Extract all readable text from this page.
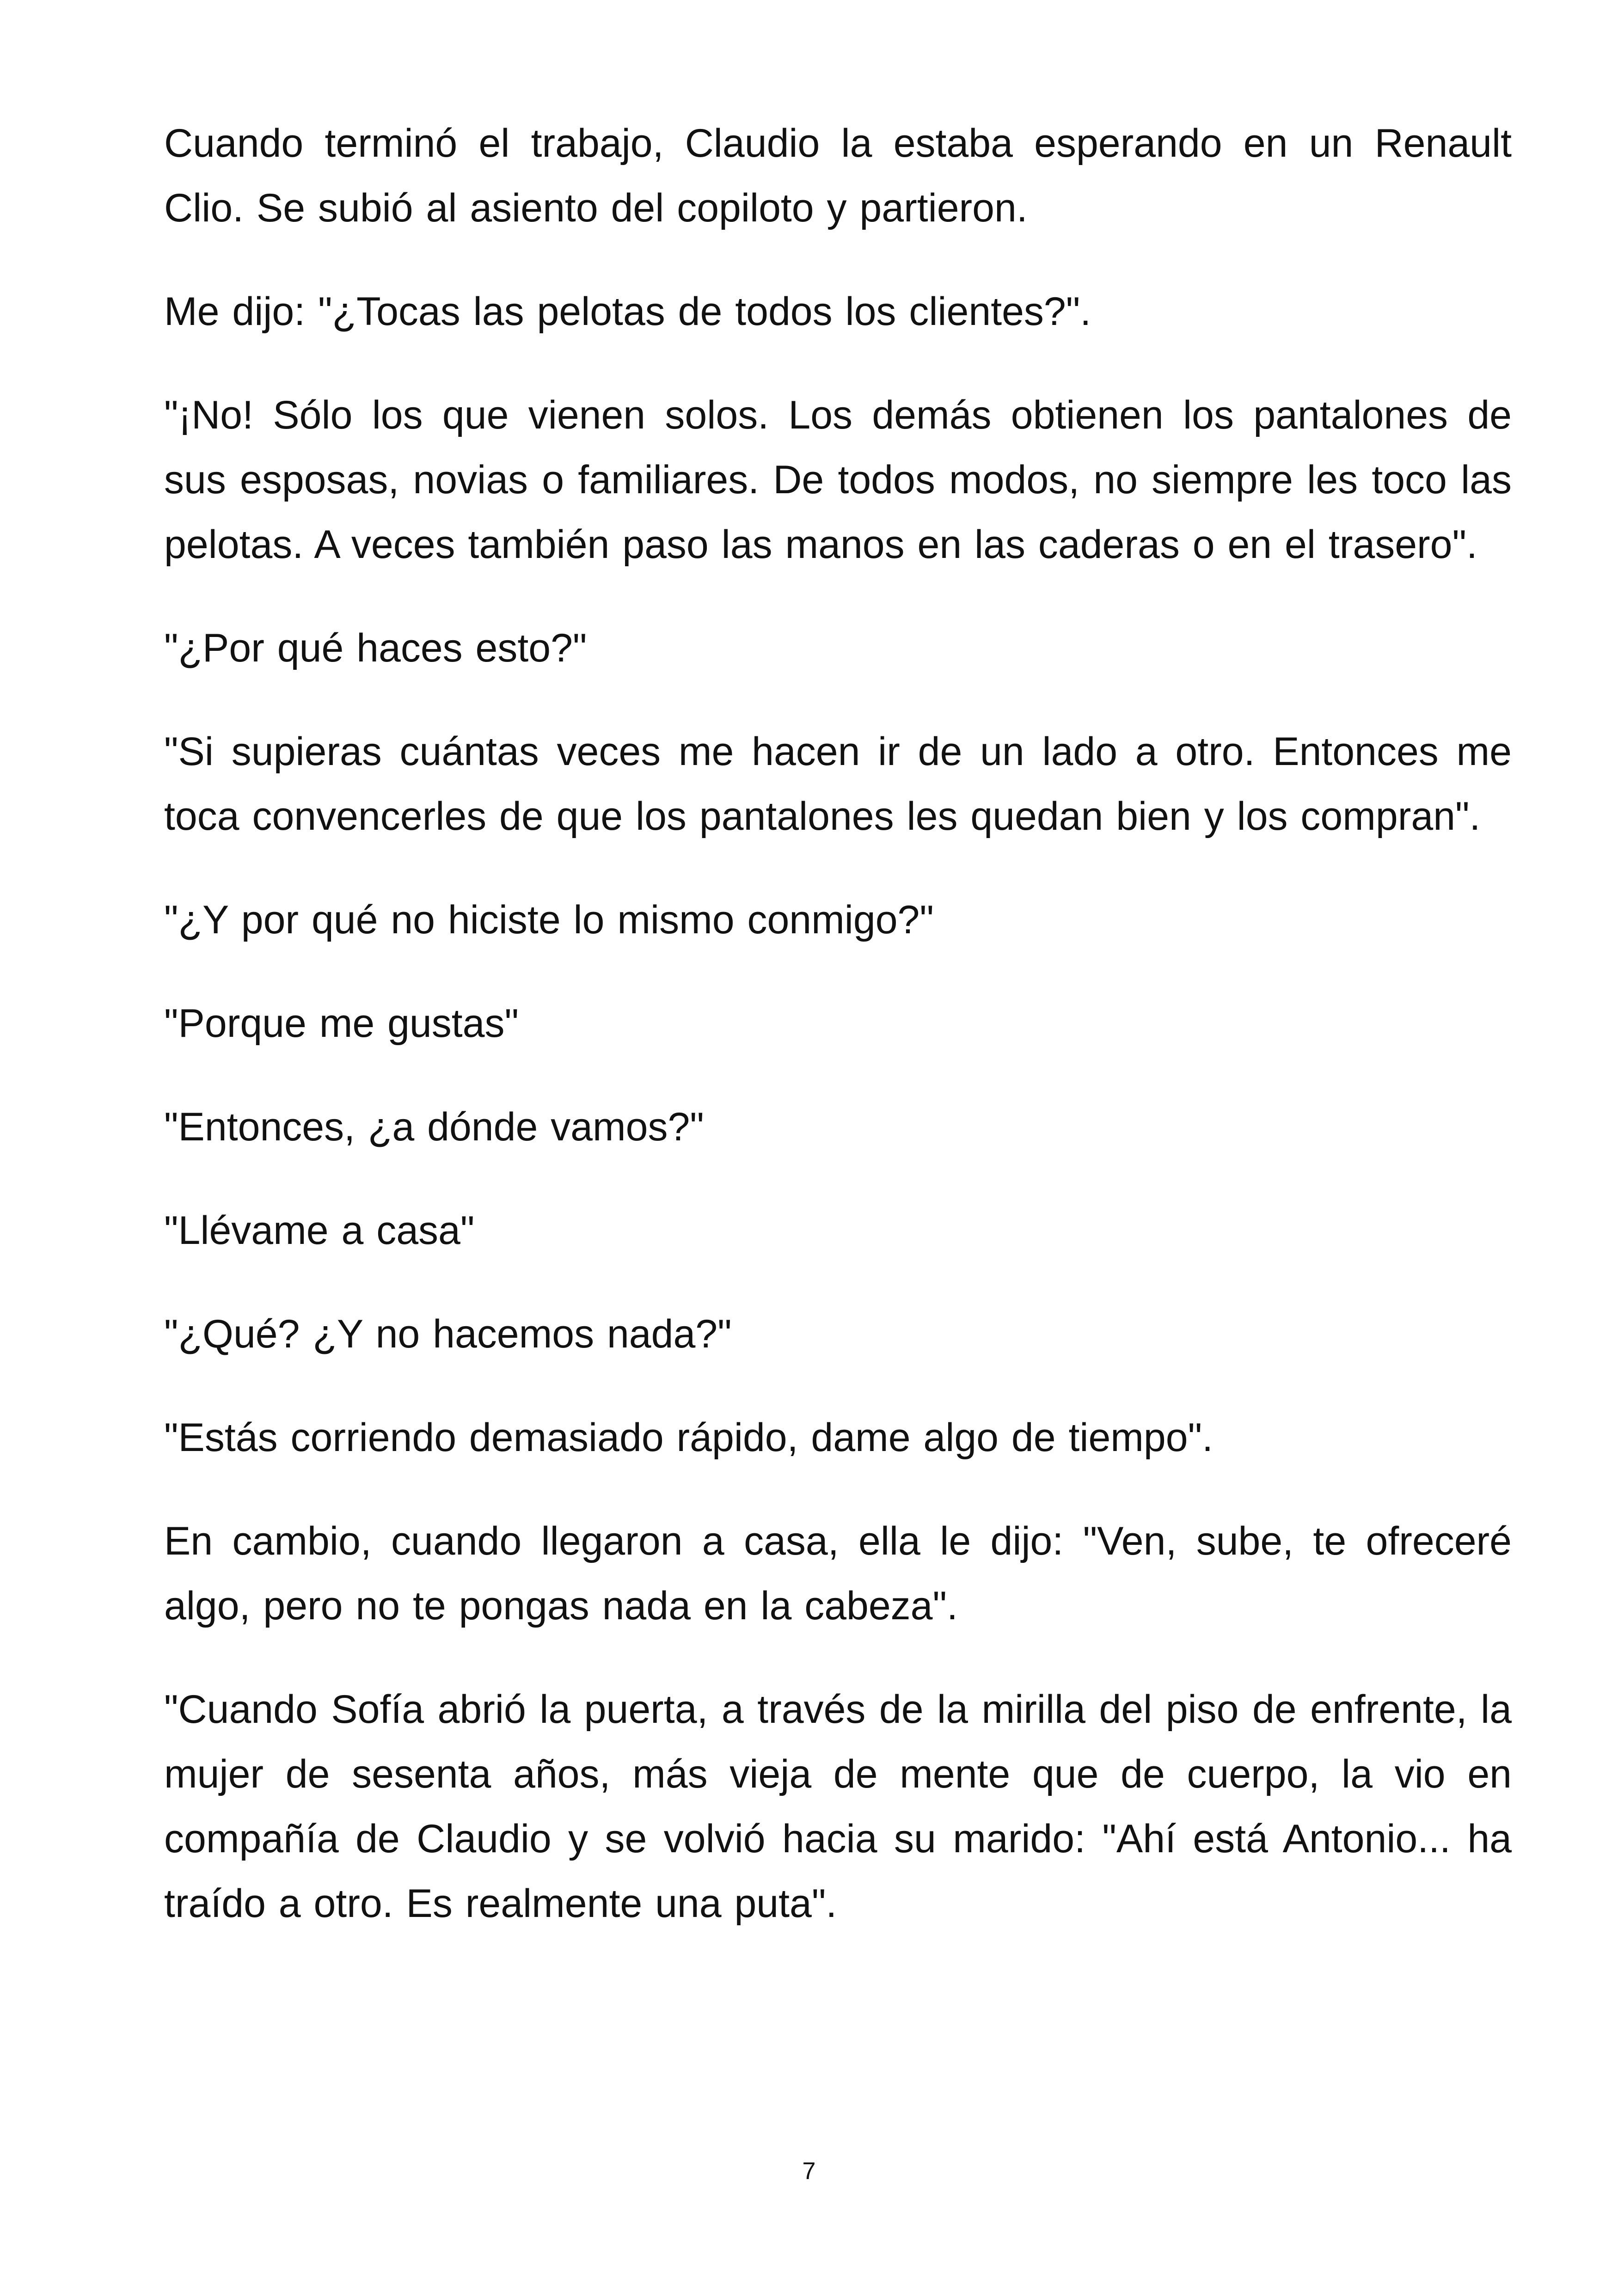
Cuando terminó el trabajo, Claudio la estaba esperando en un Renault Clio. Se subió al asiento del copiloto y partieron.

Me dijo: "¿Tocas las pelotas de todos los clientes?".

"¡No! Sólo los que vienen solos. Los demás obtienen los pantalones de sus esposas, novias o familiares. De todos modos, no siempre les toco las pelotas. A veces también paso las manos en las caderas o en el trasero".

"¿Por qué haces esto?"

"Si supieras cuántas veces me hacen ir de un lado a otro. Entonces me toca convencerles de que los pantalones les quedan bien y los compran".

"¿Y por qué no hiciste lo mismo conmigo?"

"Porque me gustas"

"Entonces, ¿a dónde vamos?"

"Llévame a casa"

"¿Qué? ¿Y no hacemos nada?"

"Estás corriendo demasiado rápido, dame algo de tiempo".

En cambio, cuando llegaron a casa, ella le dijo: "Ven, sube, te ofreceré algo, pero no te pongas nada en la cabeza".

"Cuando Sofía abrió la puerta, a través de la mirilla del piso de enfrente, la mujer de sesenta años, más vieja de mente que de cuerpo, la vio en compañía de Claudio y se volvió hacia su marido: "Ahí está Antonio... ha traído a otro. Es realmente una puta".

7
